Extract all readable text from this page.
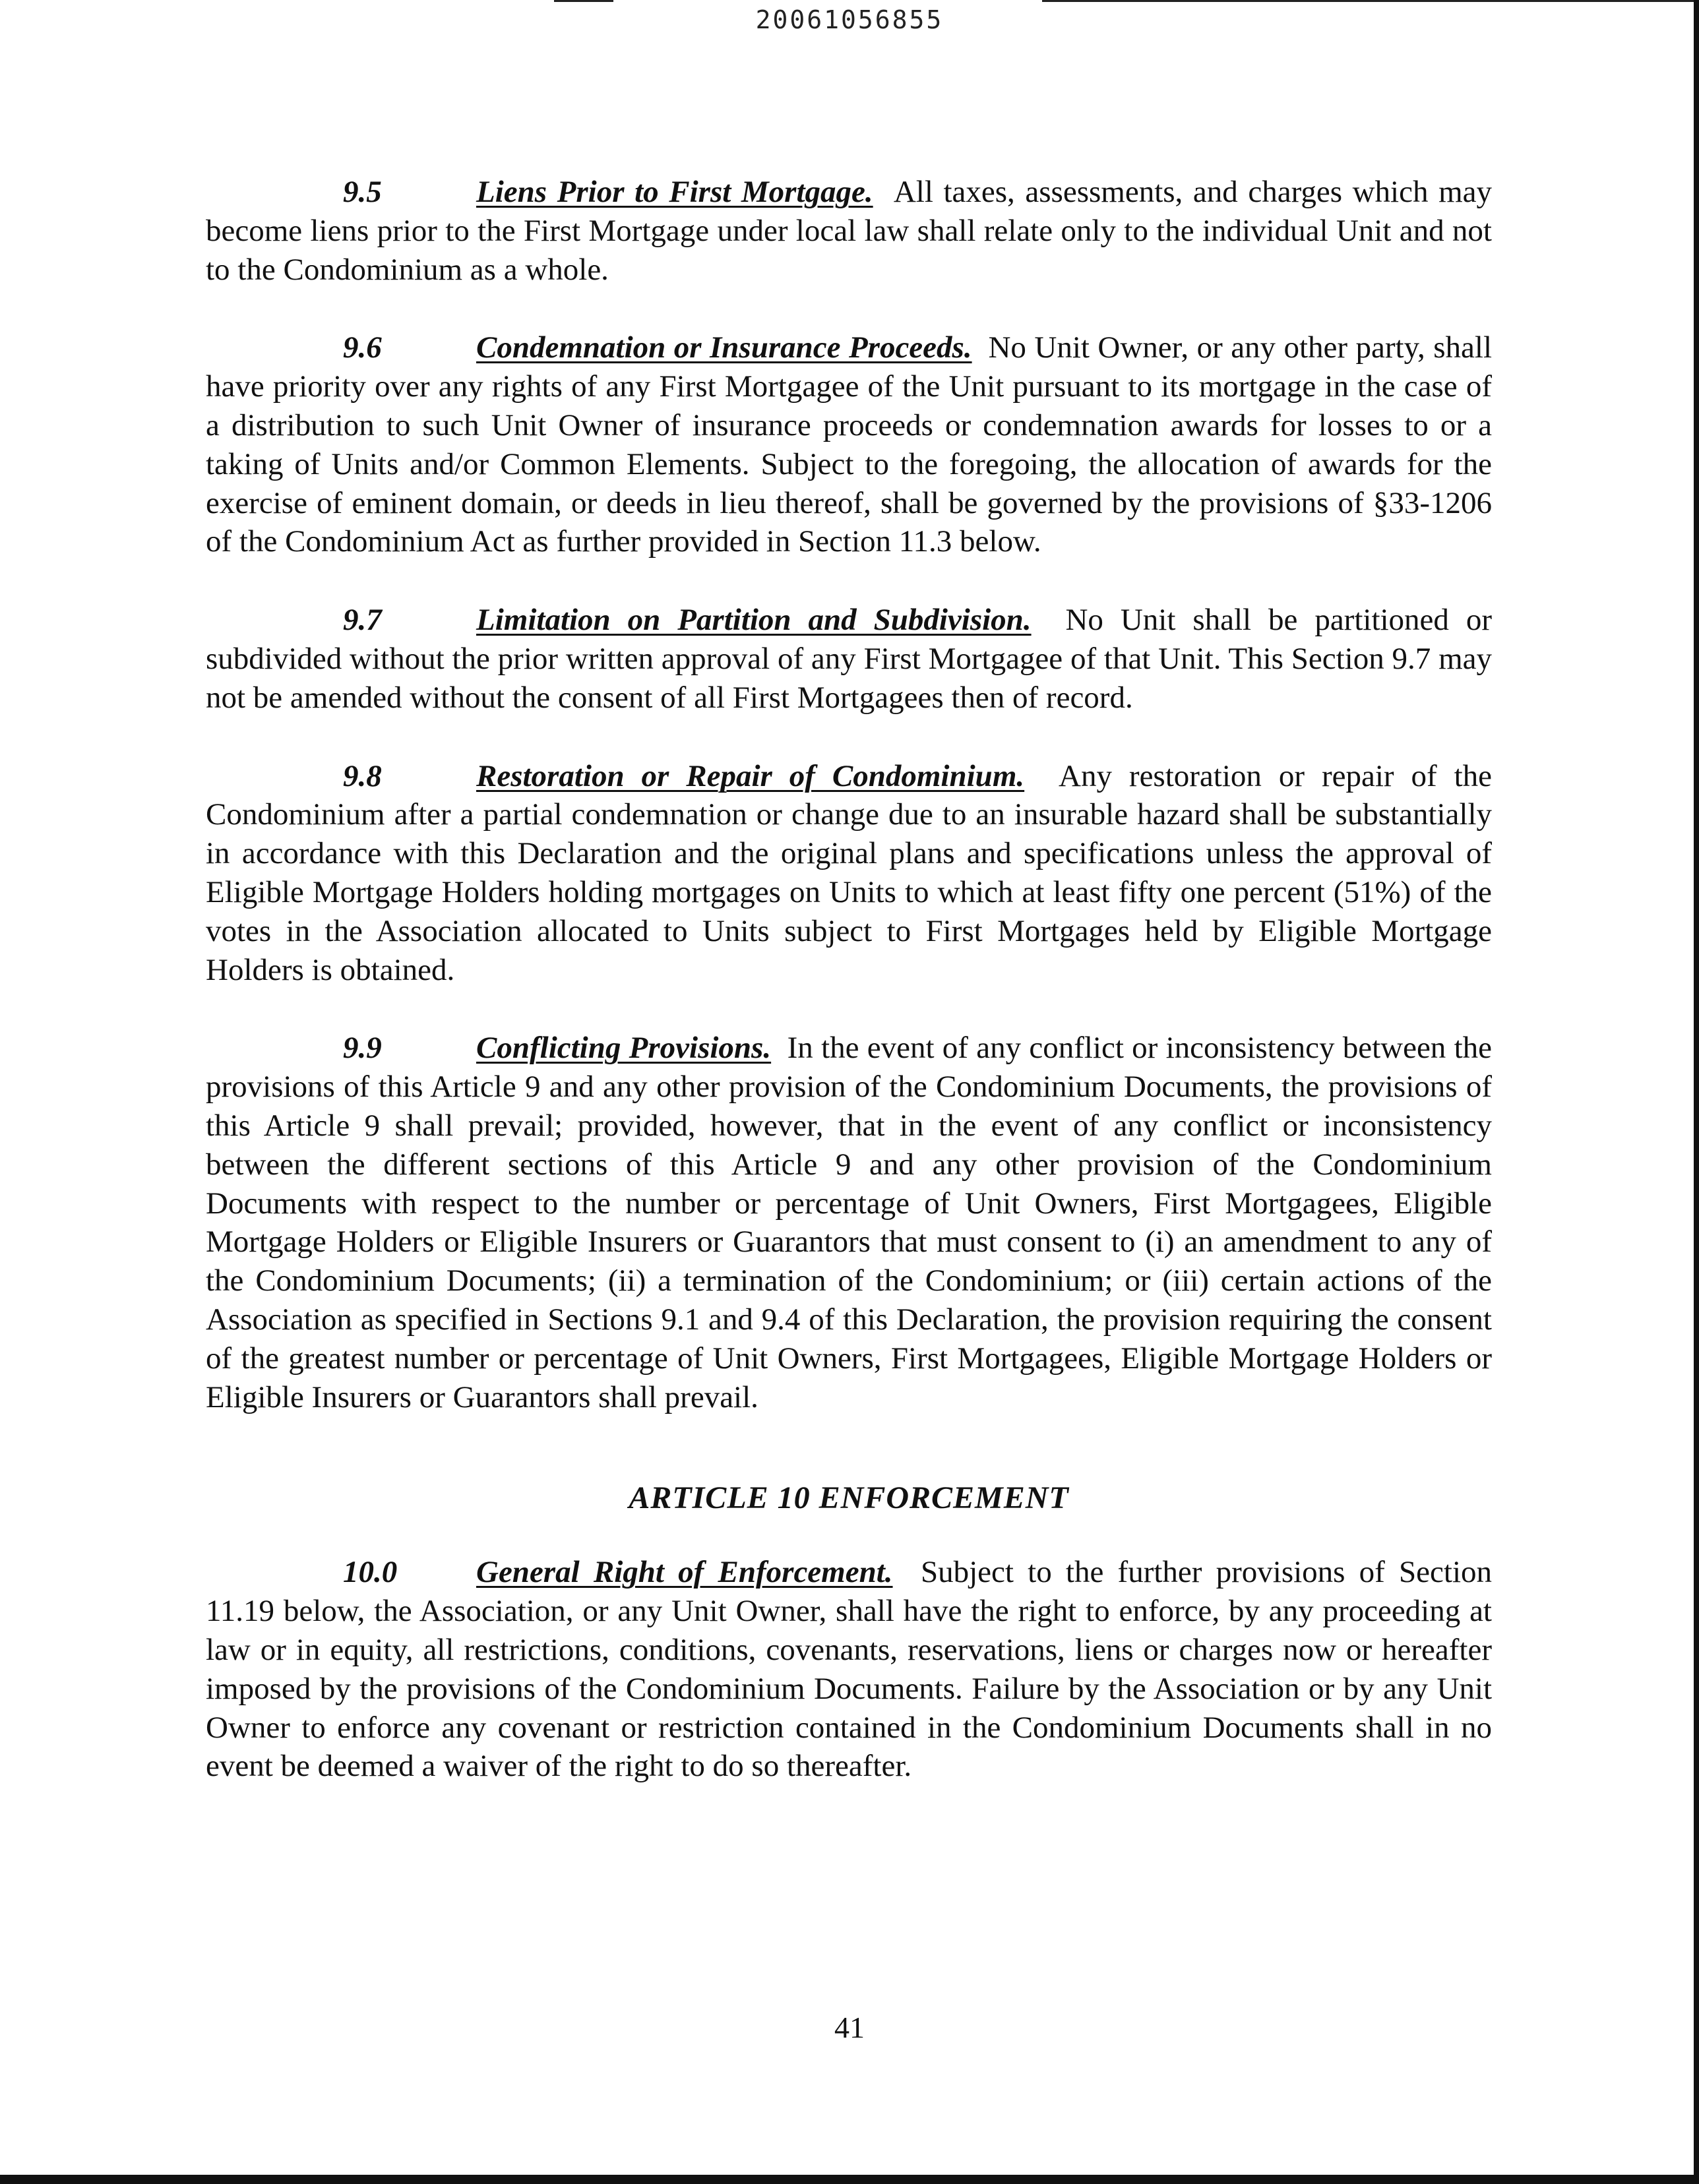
20061056855

9.5	Liens Prior to First Mortgage. All taxes, assessments, and charges which may become liens prior to the First Mortgage under local law shall relate only to the individual Unit and not to the Condominium as a whole.

9.6	Condemnation or Insurance Proceeds. No Unit Owner, or any other party, shall have priority over any rights of any First Mortgagee of the Unit pursuant to its mortgage in the case of a distribution to such Unit Owner of insurance proceeds or condemnation awards for losses to or a taking of Units and/or Common Elements. Subject to the foregoing, the allocation of awards for the exercise of eminent domain, or deeds in lieu thereof, shall be governed by the provisions of §33-1206 of the Condominium Act as further provided in Section 11.3 below.

9.7	Limitation on Partition and Subdivision. No Unit shall be partitioned or subdivided without the prior written approval of any First Mortgagee of that Unit. This Section 9.7 may not be amended without the consent of all First Mortgagees then of record.

9.8	Restoration or Repair of Condominium. Any restoration or repair of the Condominium after a partial condemnation or change due to an insurable hazard shall be substantially in accordance with this Declaration and the original plans and specifications unless the approval of Eligible Mortgage Holders holding mortgages on Units to which at least fifty one percent (51%) of the votes in the Association allocated to Units subject to First Mortgages held by Eligible Mortgage Holders is obtained.

9.9	Conflicting Provisions. In the event of any conflict or inconsistency between the provisions of this Article 9 and any other provision of the Condominium Documents, the provisions of this Article 9 shall prevail; provided, however, that in the event of any conflict or inconsistency between the different sections of this Article 9 and any other provision of the Condominium Documents with respect to the number or percentage of Unit Owners, First Mortgagees, Eligible Mortgage Holders or Eligible Insurers or Guarantors that must consent to (i) an amendment to any of the Condominium Documents; (ii) a termination of the Condominium; or (iii) certain actions of the Association as specified in Sections 9.1 and 9.4 of this Declaration, the provision requiring the consent of the greatest number or percentage of Unit Owners, First Mortgagees, Eligible Mortgage Holders or Eligible Insurers or Guarantors shall prevail.

ARTICLE 10 ENFORCEMENT

10.0	General Right of Enforcement. Subject to the further provisions of Section 11.19 below, the Association, or any Unit Owner, shall have the right to enforce, by any proceeding at law or in equity, all restrictions, conditions, covenants, reservations, liens or charges now or hereafter imposed by the provisions of the Condominium Documents. Failure by the Association or by any Unit Owner to enforce any covenant or restriction contained in the Condominium Documents shall in no event be deemed a waiver of the right to do so thereafter.

41
